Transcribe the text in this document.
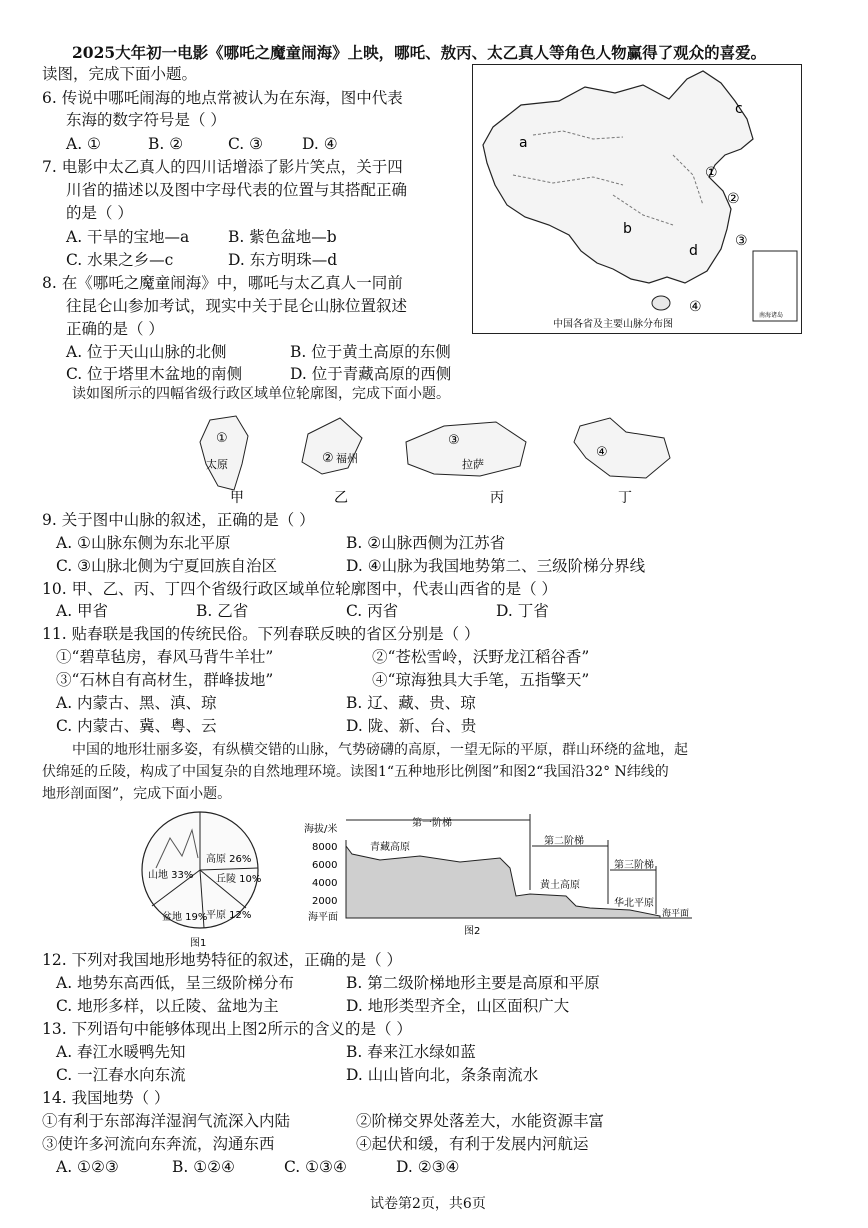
2025大年初一电影《哪吒之魔童闹海》上映，哪吒、敖丙、太乙真人等角色人物赢得了观众的喜爱。
读图，完成下面小题。
6. 传说中哪吒闹海的地点常被认为在东海，图中代表
东海的数字符号是（ ）
A. ①	B. ②	C. ③	D. ④
7. 电影中太乙真人的四川话增添了影片笑点，关于四
川省的描述以及图中字母代表的位置与其搭配正确
的是（ ）
A. 干旱的宝地—a B. 紫色盆地—b
C. 水果之乡—c	D. 东方明珠—d
8. 在《哪吒之魔童闹海》中，哪吒与太乙真人一同前
往昆仑山参加考试，现实中关于昆仑山脉位置叙述
正确的是（ ）
A. 位于天山山脉的北侧	B. 位于黄土高原的东侧
C. 位于塔里木盆地的南侧	D. 位于青藏高原的西侧
a
b
c
d
①
②
③
④
南海诸岛
中国各省及主要山脉分布图
读如图所示的四幅省级行政区域单位轮廓图，完成下面小题。
①
太原	② 福州
③
拉萨
④
甲	乙	丙	丁
9. 关于图中山脉的叙述，正确的是（ ）
A. ①山脉东侧为东北平原	B. ②山脉西侧为江苏省
C. ③山脉北侧为宁夏回族自治区	D. ④山脉为我国地势第二、三级阶梯分界线
10. 甲、乙、丙、丁四个省级行政区域单位轮廓图中，代表山西省的是（ ）
A. 甲省	B. 乙省	C. 丙省	D. 丁省
11. 贴春联是我国的传统民俗。下列春联反映的省区分别是（ ）
①“碧草毡房，春风马背牛羊壮”	②“苍松雪岭，沃野龙江稻谷香”
③“石林自有高材生，群峰拔地”	④“琼海独具大手笔，五指擎天”
A. 内蒙古、黑、滇、琼	B. 辽、藏、贵、琼
C. 内蒙古、冀、粤、云	D. 陇、新、台、贵
中国的地形壮丽多姿，有纵横交错的山脉，气势磅礴的高原，一望无际的平原，群山环绕的盆地，起
伏绵延的丘陵，构成了中国复杂的自然地理环境。读图1“五种地形比例图”和图2“我国沿32° N纬线的
地形剖面图”，完成下面小题。
高原 26%
山地 33% 丘陵 10%
盆地 19%
平原 12%
图1
海拔/米
8000
6000
4000
2000
海平面
第一阶梯
第二阶梯
第三阶梯
青藏高原
黄土高原
华北平原
海平面
图2
12. 下列对我国地形地势特征的叙述，正确的是（ ）
A. 地势东高西低，呈三级阶梯分布	B. 第二级阶梯地形主要是高原和平原
C. 地形多样，以丘陵、盆地为主	D. 地形类型齐全，山区面积广大
13. 下列语句中能够体现出上图2所示的含义的是（ ）
A. 春江水暖鸭先知	B. 春来江水绿如蓝
C. 一江春水向东流	D. 山山皆向北，条条南流水
14. 我国地势（ ）
①有利于东部海洋湿润气流深入内陆	②阶梯交界处落差大，水能资源丰富
③使许多河流向东奔流，沟通东西	④起伏和缓，有利于发展内河航运
A. ①②③	B. ①②④	C. ①③④	D. ②③④
试卷第2页，共6页
